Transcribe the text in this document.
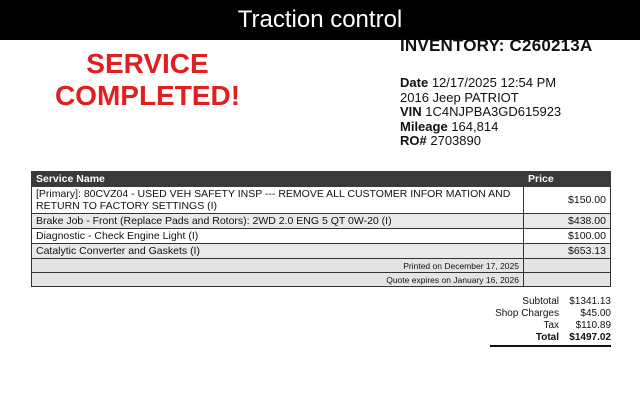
Traction control
SERVICE
COMPLETED!
INVENTORY: C260213A
Date 12/17/2025 12:54 PM
2016 Jeep PATRIOT
VIN 1C4NJPBA3GD615923
Mileage 164,814
RO# 2703890
Service Name	Price
[Primary]: 80CVZ04 - USED VEH SAFETY INSP --- REMOVE ALL CUSTOMER INFOR MATION AND RETURN TO FACTORY SETTINGS (I)	$150.00
Brake Job - Front (Replace Pads and Rotors): 2WD 2.0 ENG 5 QT 0W-20 (I)	$438.00
Diagnostic - Check Engine Light (I)	$100.00
Catalytic Converter and Gaskets (I)	$653.13
Printed on December 17, 2025	
Quote expires on January 16, 2026	
Subtotal	$1341.13
Shop Charges	$45.00
Tax	$110.89
Total	$1497.02
